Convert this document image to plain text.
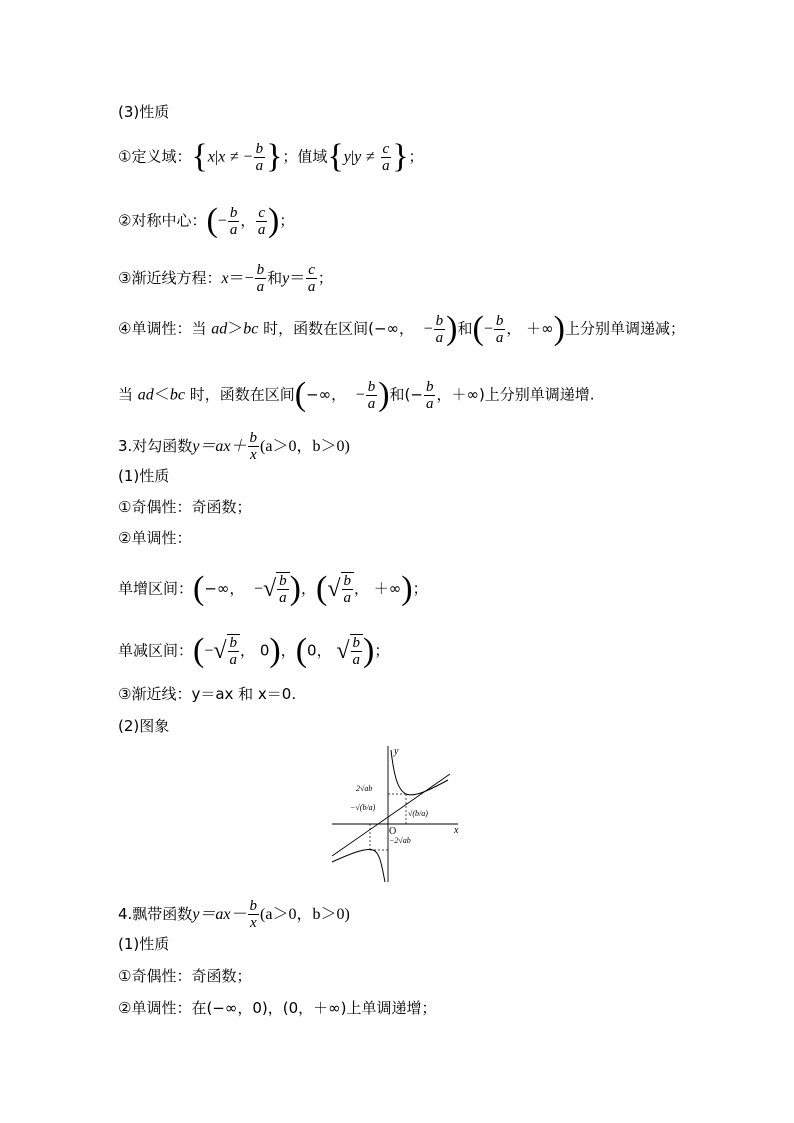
(3)性质
①定义域：{x|x ≠ − $\frac{b}{a}$ }；值域{$y|y \ne \frac{c}{a}$ }；
②对称中心：(− $\frac{b}{a}$ ， $\frac{c}{a}$ )；
③渐近线方程：$x=- \frac{b}{a}$ 和$y= \frac{c}{a}$ ；
④单调性：当 ad＞bc 时，函数在区间(−∞， − $\frac{b}{a}$ )和(− $\frac{b}{a}$ ， ＋∞)上分别单调递减；
当 ad＜bc 时，函数在区间(−∞， − $\frac{b}{a}$ )和(− $\frac{b}{a}$ ，＋∞)上分别单调递增.
3.对勾函数$y=ax+ \frac{b}{x} (a>0$，b＞0)
(1)性质
①奇偶性：奇函数；
②单调性：
单增区间：(−∞， −√ $\frac{b}{a}$ )，(√ $\frac{b}{a}$ ， ＋∞)；
单减区间：(−√ $\frac{b}{a}$ ， 0)，(0， √ $\frac{b}{a}$ )；
③渐近线：y＝ax 和 x＝0.
(2)图象
y
x
O
2√ab
−2√ab
−√(b/a)
√(b/a)
4.飘带函数$y=ax- \frac{b}{x} (a>0$，b＞0)
(1)性质
①奇偶性：奇函数；
②单调性：在(−∞，0)，(0，＋∞)上单调递增；
